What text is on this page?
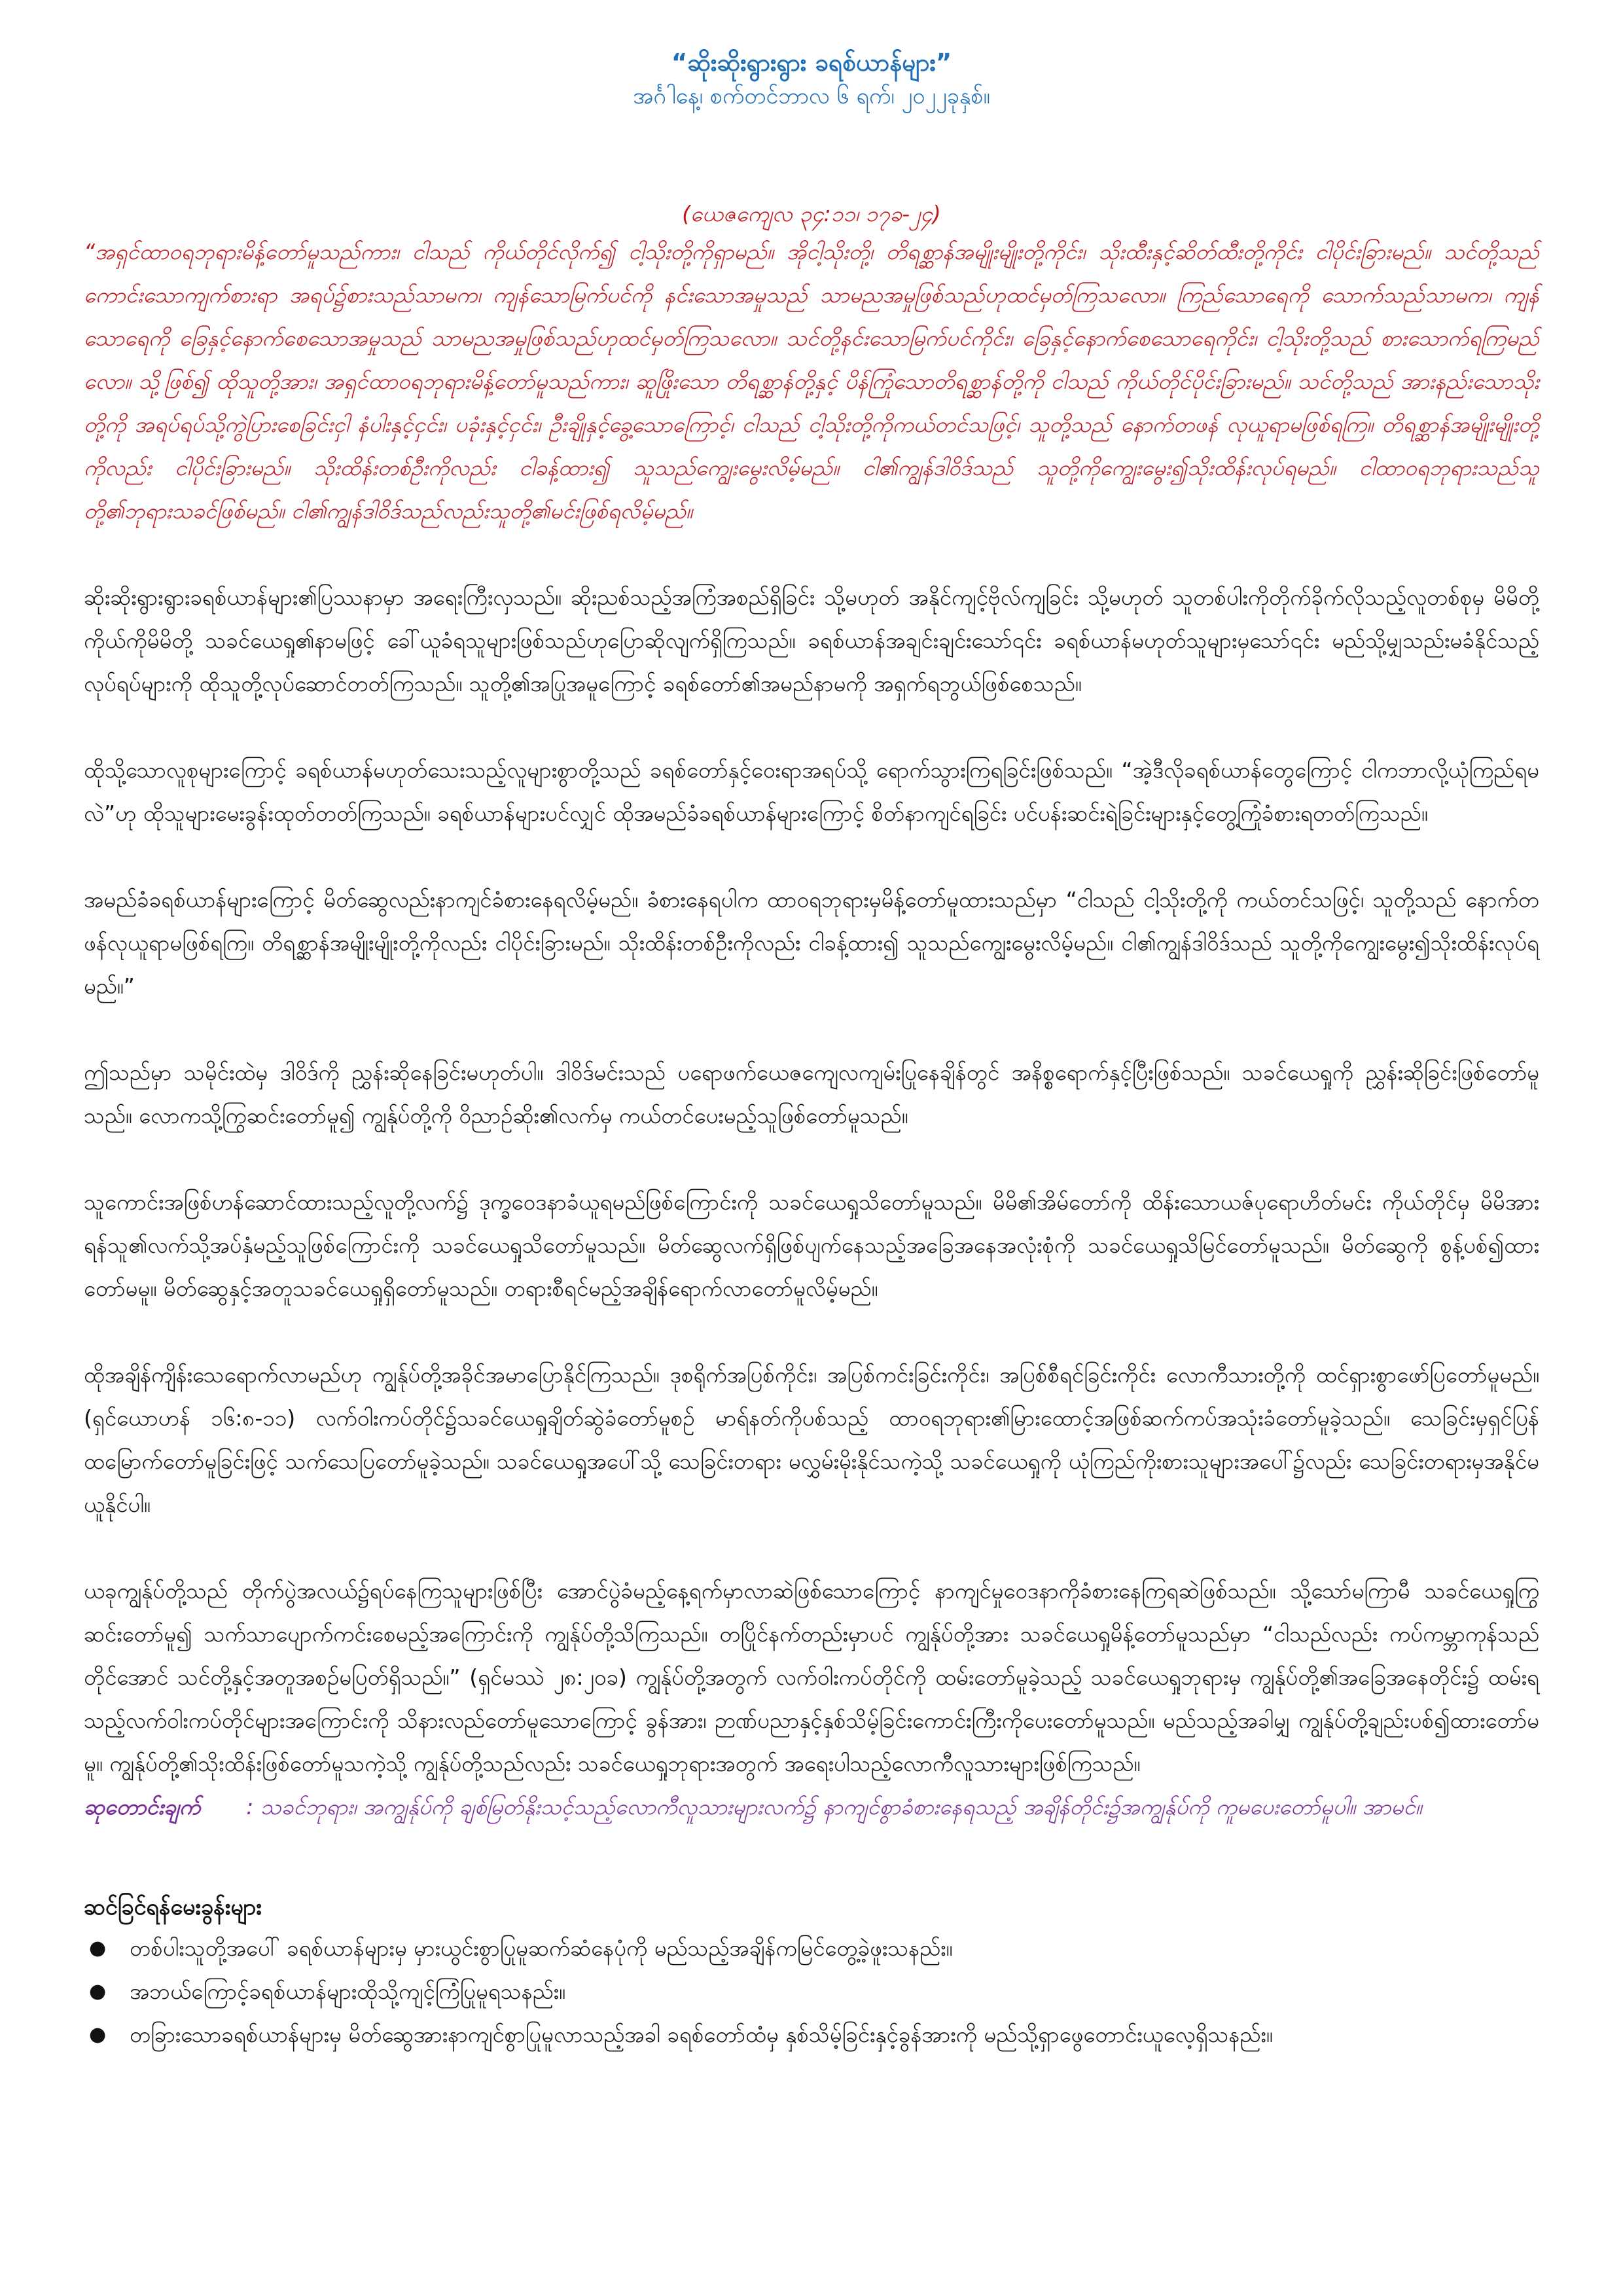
“ဆိုးဆိုးရွားရွား ခရစ်ယာန်များ”

အင်္ဂါနေ့၊ စက်တင်ဘာလ ၆ ရက်၊ ၂၀၂၂ခုနှစ်။

(ယေဇကျေလ ၃၄:၁၁၊ ၁၇ခ-၂၄)

“အရှင်ထာဝရဘုရားမိန့်တော်မူသည်ကား၊ ငါသည် ကိုယ်တိုင်လိုက်၍ ငါ့သိုးတို့ကိုရှာမည်။ အိုငါ့သိုးတို့၊ တိရစ္ဆာန်အမျိုးမျိုးတို့ကိုင်း၊ သိုးထီးနှင့်ဆိတ်ထီးတို့ကိုင်း ငါပိုင်းခြားမည်။ သင်တို့သည် ကောင်းသောကျက်စားရာ အရပ်၌စားသည်သာမက၊ ကျန်သောမြက်ပင်ကို နင်းသောအမှုသည် သာမညအမှုဖြစ်သည်ဟုထင်မှတ်ကြသလော။ ကြည်သောရေကို သောက်သည်သာမက၊ ကျန်သောရေကို ခြေနှင့်နောက်စေသောအမှုသည် သာမညအမှုဖြစ်သည်ဟုထင်မှတ်ကြသလော။ သင်တို့နင်းသောမြက်ပင်ကိုင်း၊ ခြေနှင့်နောက်စေသောရေကိုင်း၊ ငါ့သိုးတို့သည် စားသောက်ရကြမည်လော။ သို့ဖြစ်၍ ထိုသူတို့အား၊ အရှင်ထာဝရဘုရားမိန့်တော်မူသည်ကား၊ ဆူဖြိုးသော တိရစ္ဆာန်တို့နှင့် ပိန်ကြုံသောတိရစ္ဆာန်တို့ကို ငါသည် ကိုယ်တိုင်ပိုင်းခြားမည်။ သင်တို့သည် အားနည်းသောသိုးတို့ကို အရပ်ရပ်သို့ကွဲပြားစေခြင်းငှါ နံပါးနှင့်ငှင်း၊ ပခုံးနှင့်ငှင်း၊ ဦးချိုနှင့်ခွေ့သောကြောင့်၊ ငါသည် ငါ့သိုးတို့ကိုကယ်တင်သဖြင့်၊ သူတို့သည် နောက်တဖန် လုယူရာမဖြစ်ရကြ။ တိရစ္ဆာန်အမျိုးမျိုးတို့ကိုလည်း ငါပိုင်းခြားမည်။ သိုးထိန်းတစ်ဦးကိုလည်း ငါခန့်ထား၍ သူသည်ကျွေးမွေးလိမ့်မည်။ ငါ၏ကျွန်ဒါဝိဒ်သည် သူတို့ကိုကျွေးမွေး၍သိုးထိန်းလုပ်ရမည်။ ငါထာဝရဘုရားသည်သူတို့၏ဘုရားသခင်ဖြစ်မည်။ ငါ၏ကျွန်ဒါဝိဒ်သည်လည်းသူတို့၏မင်းဖြစ်ရလိမ့်မည်။

ဆိုးဆိုးရွားရွားခရစ်ယာန်များ၏ပြဿနာမှာ အရေးကြီးလှသည်။ ဆိုးညစ်သည့်အကြံအစည်ရှိခြင်း သို့မဟုတ် အနိုင်ကျင့်ဗိုလ်ကျခြင်း သို့မဟုတ် သူတစ်ပါးကိုတိုက်ခိုက်လိုသည့်လူတစ်စုမှ မိမိတို့ကိုယ်ကိုမိမိတို့ သခင်ယေရှု၏နာမဖြင့် ခေါ်ယူခံရသူများဖြစ်သည်ဟုပြောဆိုလျက်ရှိကြသည်။ ခရစ်ယာန်အချင်းချင်းသော်၎င်း ခရစ်ယာန်မဟုတ်သူများမှသော်၎င်း မည်သို့မျှသည်းမခံနိုင်သည့်လုပ်ရပ်များကို ထိုသူတို့လုပ်ဆောင်တတ်ကြသည်။ သူတို့၏အပြုအမူကြောင့် ခရစ်တော်၏အမည်နာမကို အရှက်ရဘွယ်ဖြစ်စေသည်။

ထိုသို့သောလူစုများကြောင့် ခရစ်ယာန်မဟုတ်သေးသည့်လူများစွာတို့သည် ခရစ်တော်နှင့်ဝေးရာအရပ်သို့ ရောက်သွားကြရခြင်းဖြစ်သည်။ “အဲ့ဒီလိုခရစ်ယာန်တွေကြောင့် ငါကဘာလို့ယုံကြည်ရမလဲ”ဟု ထိုသူများမေးခွန်းထုတ်တတ်ကြသည်။ ခရစ်ယာန်များပင်လျှင် ထိုအမည်ခံခရစ်ယာန်များကြောင့် စိတ်နာကျင်ရခြင်း ပင်ပန်းဆင်းရဲခြင်းများနှင့်တွေ့ကြုံခံစားရတတ်ကြသည်။

အမည်ခံခရစ်ယာန်များကြောင့် မိတ်ဆွေလည်းနာကျင်ခံစားနေရလိမ့်မည်။ ခံစားနေရပါက ထာဝရဘုရားမှမိန့်တော်မူထားသည်မှာ “ငါသည် ငါ့သိုးတို့ကို ကယ်တင်သဖြင့်၊ သူတို့သည် နောက်တဖန်လုယူရာမဖြစ်ရကြ။ တိရစ္ဆာန်အမျိုးမျိုးတို့ကိုလည်း ငါပိုင်းခြားမည်။ သိုးထိန်းတစ်ဦးကိုလည်း ငါခန့်ထား၍ သူသည်ကျွေးမွေးလိမ့်မည်။ ငါ၏ကျွန်ဒါဝိဒ်သည် သူတို့ကိုကျွေးမွေး၍သိုးထိန်းလုပ်ရမည်။”

ဤသည်မှာ သမိုင်းထဲမှ ဒါဝိဒ်ကို ညွှန်းဆိုနေခြင်းမဟုတ်ပါ။ ဒါဝိဒ်မင်းသည် ပရောဖက်ယေဇကျေလကျမ်းပြုနေချိန်တွင် အနိစ္စရောက်နှင့်ပြီးဖြစ်သည်။ သခင်ယေရှုကို ညွှန်းဆိုခြင်းဖြစ်တော်မူသည်။ လောကသို့ကြွဆင်းတော်မူ၍ ကျွန်ုပ်တို့ကို ဝိညာဉ်ဆိုး၏လက်မှ ကယ်တင်ပေးမည့်သူဖြစ်တော်မူသည်။

သူကောင်းအဖြစ်ဟန်ဆောင်ထားသည့်လူတို့လက်၌ ဒုက္ခဝေဒနာခံယူရမည်ဖြစ်ကြောင်းကို သခင်ယေရှုသိတော်မူသည်။ မိမိ၏အိမ်တော်ကို ထိန်းသောယဇ်ပုရောဟိတ်မင်း ကိုယ်တိုင်မှ မိမိအားရန်သူ၏လက်သို့အပ်နှံမည့်သူဖြစ်ကြောင်းကို သခင်ယေရှုသိတော်မူသည်။ မိတ်ဆွေလက်ရှိဖြစ်ပျက်နေသည့်အခြေအနေအလုံးစုံကို သခင်ယေရှုသိမြင်တော်မူသည်။ မိတ်ဆွေကို စွန့်ပစ်၍ထားတော်မမူ။ မိတ်ဆွေနှင့်အတူသခင်ယေရှုရှိတော်မူသည်။ တရားစီရင်မည့်အချိန်ရောက်လာတော်မူလိမ့်မည်။

ထိုအချိန်ကျိန်းသေရောက်လာမည်ဟု ကျွန်ုပ်တို့အခိုင်အမာပြောနိုင်ကြသည်။ ဒုစရိုက်အပြစ်ကိုင်း၊ အပြစ်ကင်းခြင်းကိုင်း၊ အပြစ်စီရင်ခြင်းကိုင်း လောကီသားတို့ကို ထင်ရှားစွာဖော်ပြတော်မူမည်။ (ရှင်ယောဟန် ၁၆:၈-၁၁) လက်ဝါးကပ်တိုင်၌သခင်ယေရှုချိတ်ဆွဲခံတော်မူစဉ် မာရ်နတ်ကိုပစ်သည့် ထာဝရဘုရား၏မြားထောင့်အဖြစ်ဆက်ကပ်အသုံးခံတော်မူခဲ့သည်။ သေခြင်းမှရှင်ပြန်ထမြောက်တော်မူခြင်းဖြင့် သက်သေပြတော်မူခဲ့သည်။ သခင်ယေရှုအပေါ်သို့ သေခြင်းတရား မလွှမ်းမိုးနိုင်သကဲ့သို့ သခင်ယေရှုကို ယုံကြည်ကိုးစားသူများအပေါ်၌လည်း သေခြင်းတရားမှအနိုင်မယူနိုင်ပါ။

ယခုကျွန်ုပ်တို့သည် တိုက်ပွဲအလယ်၌ရပ်နေကြသူများဖြစ်ပြီး အောင်ပွဲခံမည့်နေ့ရက်မှာလာဆဲဖြစ်သောကြောင့် နာကျင်မှုဝေဒနာကိုခံစားနေကြရဆဲဖြစ်သည်။ သို့သော်မကြာမီ သခင်ယေရှုကြွဆင်းတော်မူ၍ သက်သာပျောက်ကင်းစေမည့်အကြောင်းကို ကျွန်ုပ်တို့သိကြသည်။ တပြိုင်နက်တည်းမှာပင် ကျွန်ုပ်တို့အား သခင်ယေရှုမိန့်တော်မူသည်မှာ “ငါသည်လည်း ကပ်ကမ္ဘာကုန်သည်တိုင်အောင် သင်တို့နှင့်အတူအစဉ်မပြတ်ရှိသည်။” (ရှင်မဿဲ ၂၈:၂၀ခ) ကျွန်ုပ်တို့အတွက် လက်ဝါးကပ်တိုင်ကို ထမ်းတော်မူခဲ့သည့် သခင်ယေရှုဘုရားမှ ကျွန်ုပ်တို့၏အခြေအနေတိုင်း၌ ထမ်းရသည့်လက်ဝါးကပ်တိုင်များအကြောင်းကို သိနားလည်တော်မူသောကြောင့် ခွန်အား၊ ဉာဏ်ပညာနှင့်နှစ်သိမ့်ခြင်းကောင်းကြီးကိုပေးတော်မူသည်။ မည်သည့်အခါမျှ ကျွန်ုပ်တို့ချည်းပစ်၍ထားတော်မမူ။ ကျွန်ုပ်တို့၏သိုးထိန်းဖြစ်တော်မူသကဲ့သို့ ကျွန်ုပ်တို့သည်လည်း သခင်ယေရှုဘုရားအတွက် အရေးပါသည့်လောကီလူသားများဖြစ်ကြသည်။

ဆုတောင်းချက် : သခင်ဘုရား၊ အကျွန်ုပ်ကို ချစ်မြတ်နိုးသင့်သည့်လောကီလူသားများလက်၌ နာကျင်စွာခံစားနေရသည့် အချိန်တိုင်း၌အကျွန်ုပ်ကို ကူမပေးတော်မူပါ။ အာမင်။

ဆင်ခြင်ရန်မေးခွန်းများ

● တစ်ပါးသူတို့အပေါ် ခရစ်ယာန်များမှ မှားယွင်းစွာပြုမူဆက်ဆံနေပုံကို မည်သည့်အချိန်ကမြင်တွေ့ခဲ့ဖူးသနည်း။
● အဘယ်ကြောင့်ခရစ်ယာန်များထိုသို့ကျင့်ကြံပြုမူရသနည်း။
● တခြားသောခရစ်ယာန်များမှ မိတ်ဆွေအားနာကျင်စွာပြုမူလာသည့်အခါ ခရစ်တော်ထံမှ နှစ်သိမ့်ခြင်းနှင့်ခွန်အားကို မည်သို့ရှာဖွေတောင်းယူလေ့ရှိသနည်း။
